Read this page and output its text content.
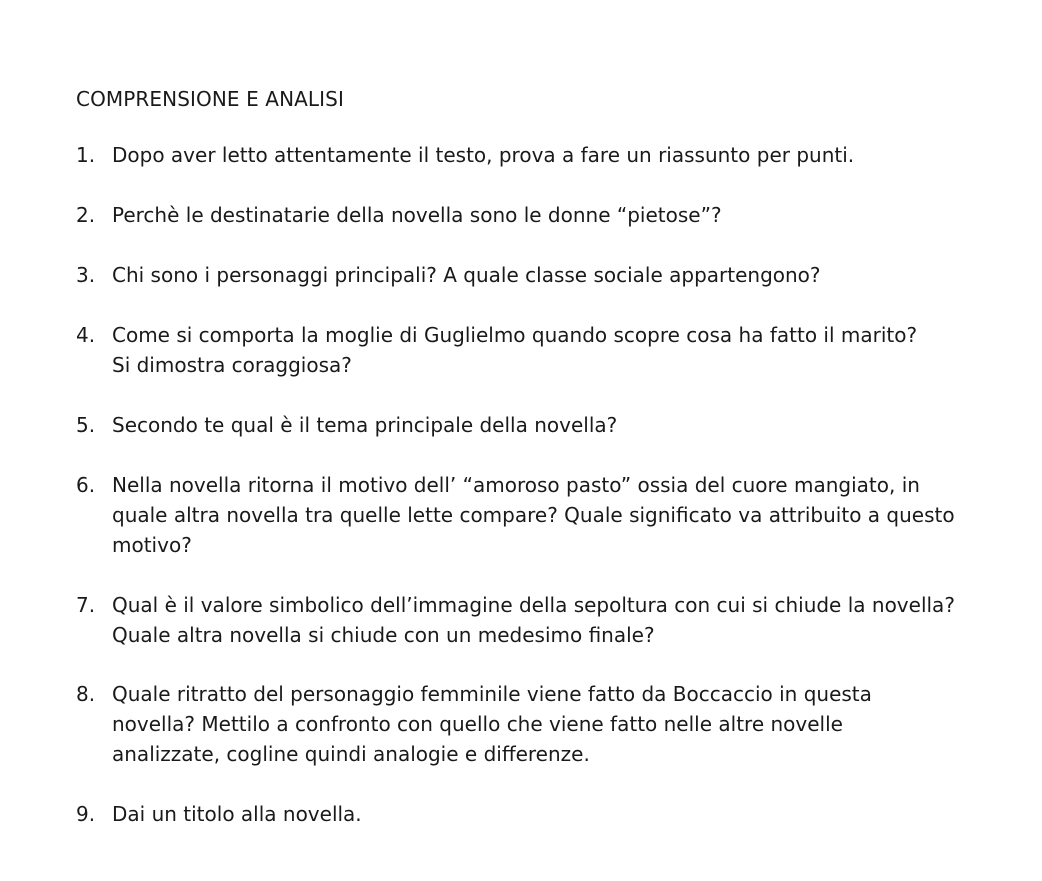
COMPRENSIONE E ANALISI
1. Dopo aver letto attentamente il testo, prova a fare un riassunto per punti.
2. Perchè le destinatarie della novella sono le donne “pietose”?
3. Chi sono i personaggi principali? A quale classe sociale appartengono?
4. Come si comporta la moglie di Guglielmo quando scopre cosa ha fatto il marito?
Si dimostra coraggiosa?
5. Secondo te qual è il tema principale della novella?
6. Nella novella ritorna il motivo dell’ “amoroso pasto” ossia del cuore mangiato, in
quale altra novella tra quelle lette compare? Quale significato va attribuito a questo
motivo?
7. Qual è il valore simbolico dell’immagine della sepoltura con cui si chiude la novella?
Quale altra novella si chiude con un medesimo finale?
8. Quale ritratto del personaggio femminile viene fatto da Boccaccio in questa
novella? Mettilo a confronto con quello che viene fatto nelle altre novelle
analizzate, cogline quindi analogie e differenze.
9. Dai un titolo alla novella.
